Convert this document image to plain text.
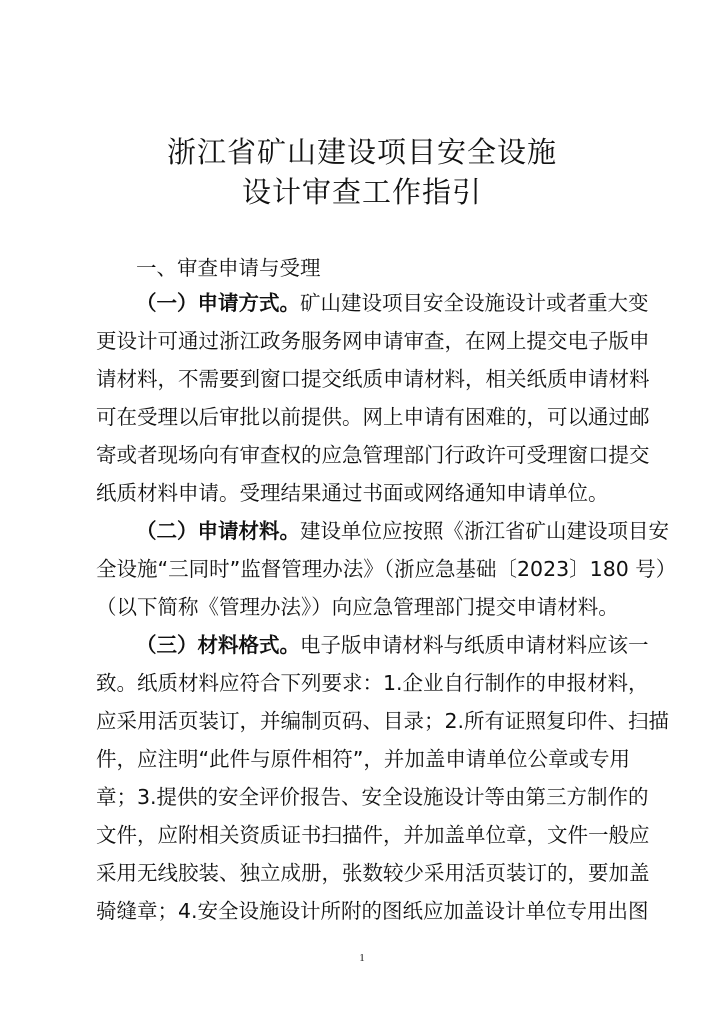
浙江省矿山建设项目安全设施
设计审查工作指引
一、审查申请与受理
（一）申请方式。矿山建设项目安全设施设计或者重大变
更设计可通过浙江政务服务网申请审查，在网上提交电子版申
请材料，不需要到窗口提交纸质申请材料，相关纸质申请材料
可在受理以后审批以前提供。网上申请有困难的，可以通过邮
寄或者现场向有审查权的应急管理部门行政许可受理窗口提交
纸质材料申请。受理结果通过书面或网络通知申请单位。
（二）申请材料。建设单位应按照《浙江省矿山建设项目安
全设施“三同时”监督管理办法》（浙应急基础〔2023〕180 号）
（以下简称《管理办法》）向应急管理部门提交申请材料。
（三）材料格式。电子版申请材料与纸质申请材料应该一
致。纸质材料应符合下列要求：1.企业自行制作的申报材料，
应采用活页装订，并编制页码、目录；2.所有证照复印件、扫描
件，应注明“此件与原件相符”，并加盖申请单位公章或专用
章；3.提供的安全评价报告、安全设施设计等由第三方制作的
文件，应附相关资质证书扫描件，并加盖单位章，文件一般应
采用无线胶装、独立成册，张数较少采用活页装订的，要加盖
骑缝章；4.安全设施设计所附的图纸应加盖设计单位专用出图
1
